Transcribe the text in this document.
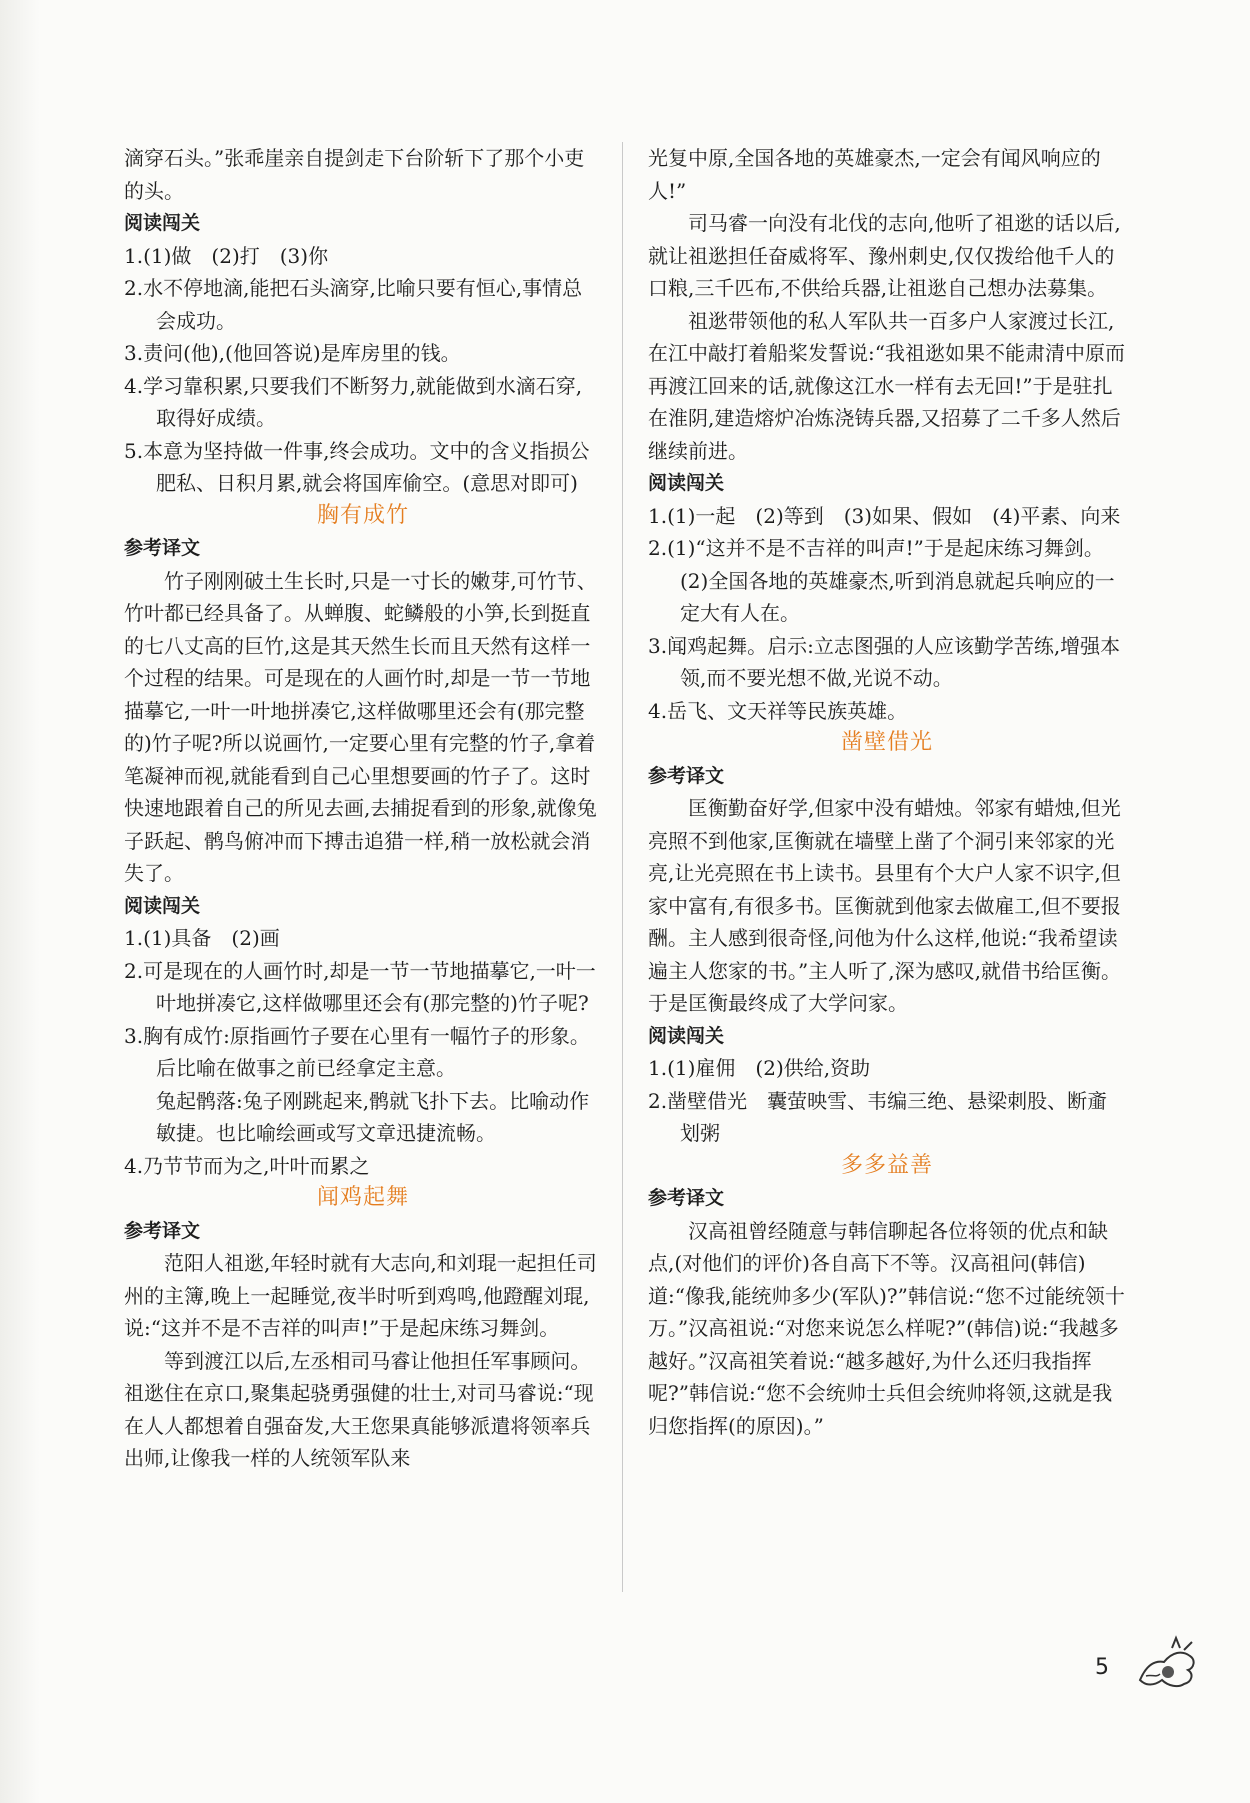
滴穿石头。”张乖崖亲自提剑走下台阶斩下了那个小吏的头。

阅读闯关

1.(1)做　(2)打　(3)你

2.水不停地滴,能把石头滴穿,比喻只要有恒心,事情总会成功。

3.责问(他),(他回答说)是库房里的钱。

4.学习靠积累,只要我们不断努力,就能做到水滴石穿,取得好成绩。

5.本意为坚持做一件事,终会成功。文中的含义指损公肥私、日积月累,就会将国库偷空。(意思对即可)

胸有成竹

参考译文

竹子刚刚破土生长时,只是一寸长的嫩芽,可竹节、竹叶都已经具备了。从蝉腹、蛇鳞般的小笋,长到挺直的七八丈高的巨竹,这是其天然生长而且天然有这样一个过程的结果。可是现在的人画竹时,却是一节一节地描摹它,一叶一叶地拼凑它,这样做哪里还会有(那完整的)竹子呢?所以说画竹,一定要心里有完整的竹子,拿着笔凝神而视,就能看到自己心里想要画的竹子了。这时快速地跟着自己的所见去画,去捕捉看到的形象,就像兔子跃起、鹘鸟俯冲而下搏击追猎一样,稍一放松就会消失了。

阅读闯关

1.(1)具备　(2)画

2.可是现在的人画竹时,却是一节一节地描摹它,一叶一叶地拼凑它,这样做哪里还会有(那完整的)竹子呢?

3.胸有成竹:原指画竹子要在心里有一幅竹子的形象。后比喻在做事之前已经拿定主意。

兔起鹘落:兔子刚跳起来,鹘就飞扑下去。比喻动作敏捷。也比喻绘画或写文章迅捷流畅。

4.乃节节而为之,叶叶而累之

闻鸡起舞

参考译文

范阳人祖逖,年轻时就有大志向,和刘琨一起担任司州的主簿,晚上一起睡觉,夜半时听到鸡鸣,他蹬醒刘琨,说:“这并不是不吉祥的叫声!”于是起床练习舞剑。

等到渡江以后,左丞相司马睿让他担任军事顾问。祖逖住在京口,聚集起骁勇强健的壮士,对司马睿说:“现在人人都想着自强奋发,大王您果真能够派遣将领率兵出师,让像我一样的人统领军队来

光复中原,全国各地的英雄豪杰,一定会有闻风响应的人!”

司马睿一向没有北伐的志向,他听了祖逖的话以后,就让祖逖担任奋威将军、豫州刺史,仅仅拨给他千人的口粮,三千匹布,不供给兵器,让祖逖自己想办法募集。

祖逖带领他的私人军队共一百多户人家渡过长江,在江中敲打着船桨发誓说:“我祖逖如果不能肃清中原而再渡江回来的话,就像这江水一样有去无回!”于是驻扎在淮阴,建造熔炉冶炼浇铸兵器,又招募了二千多人然后继续前进。

阅读闯关

1.(1)一起　(2)等到　(3)如果、假如　(4)平素、向来

2.(1)“这并不是不吉祥的叫声!”于是起床练习舞剑。

(2)全国各地的英雄豪杰,听到消息就起兵响应的一定大有人在。

3.闻鸡起舞。启示:立志图强的人应该勤学苦练,增强本领,而不要光想不做,光说不动。

4.岳飞、文天祥等民族英雄。

凿壁借光

参考译文

匡衡勤奋好学,但家中没有蜡烛。邻家有蜡烛,但光亮照不到他家,匡衡就在墙壁上凿了个洞引来邻家的光亮,让光亮照在书上读书。县里有个大户人家不识字,但家中富有,有很多书。匡衡就到他家去做雇工,但不要报酬。主人感到很奇怪,问他为什么这样,他说:“我希望读遍主人您家的书。”主人听了,深为感叹,就借书给匡衡。于是匡衡最终成了大学问家。

阅读闯关

1.(1)雇佣　(2)供给,资助

2.凿壁借光　囊萤映雪、韦编三绝、悬梁刺股、断齑划粥

多多益善

参考译文

汉高祖曾经随意与韩信聊起各位将领的优点和缺点,(对他们的评价)各自高下不等。汉高祖问(韩信)道:“像我,能统帅多少(军队)?”韩信说:“您不过能统领十万。”汉高祖说:“对您来说怎么样呢?”(韩信)说:“我越多越好。”汉高祖笑着说:“越多越好,为什么还归我指挥呢?”韩信说:“您不会统帅士兵但会统帅将领,这就是我归您指挥(的原因)。”

5
